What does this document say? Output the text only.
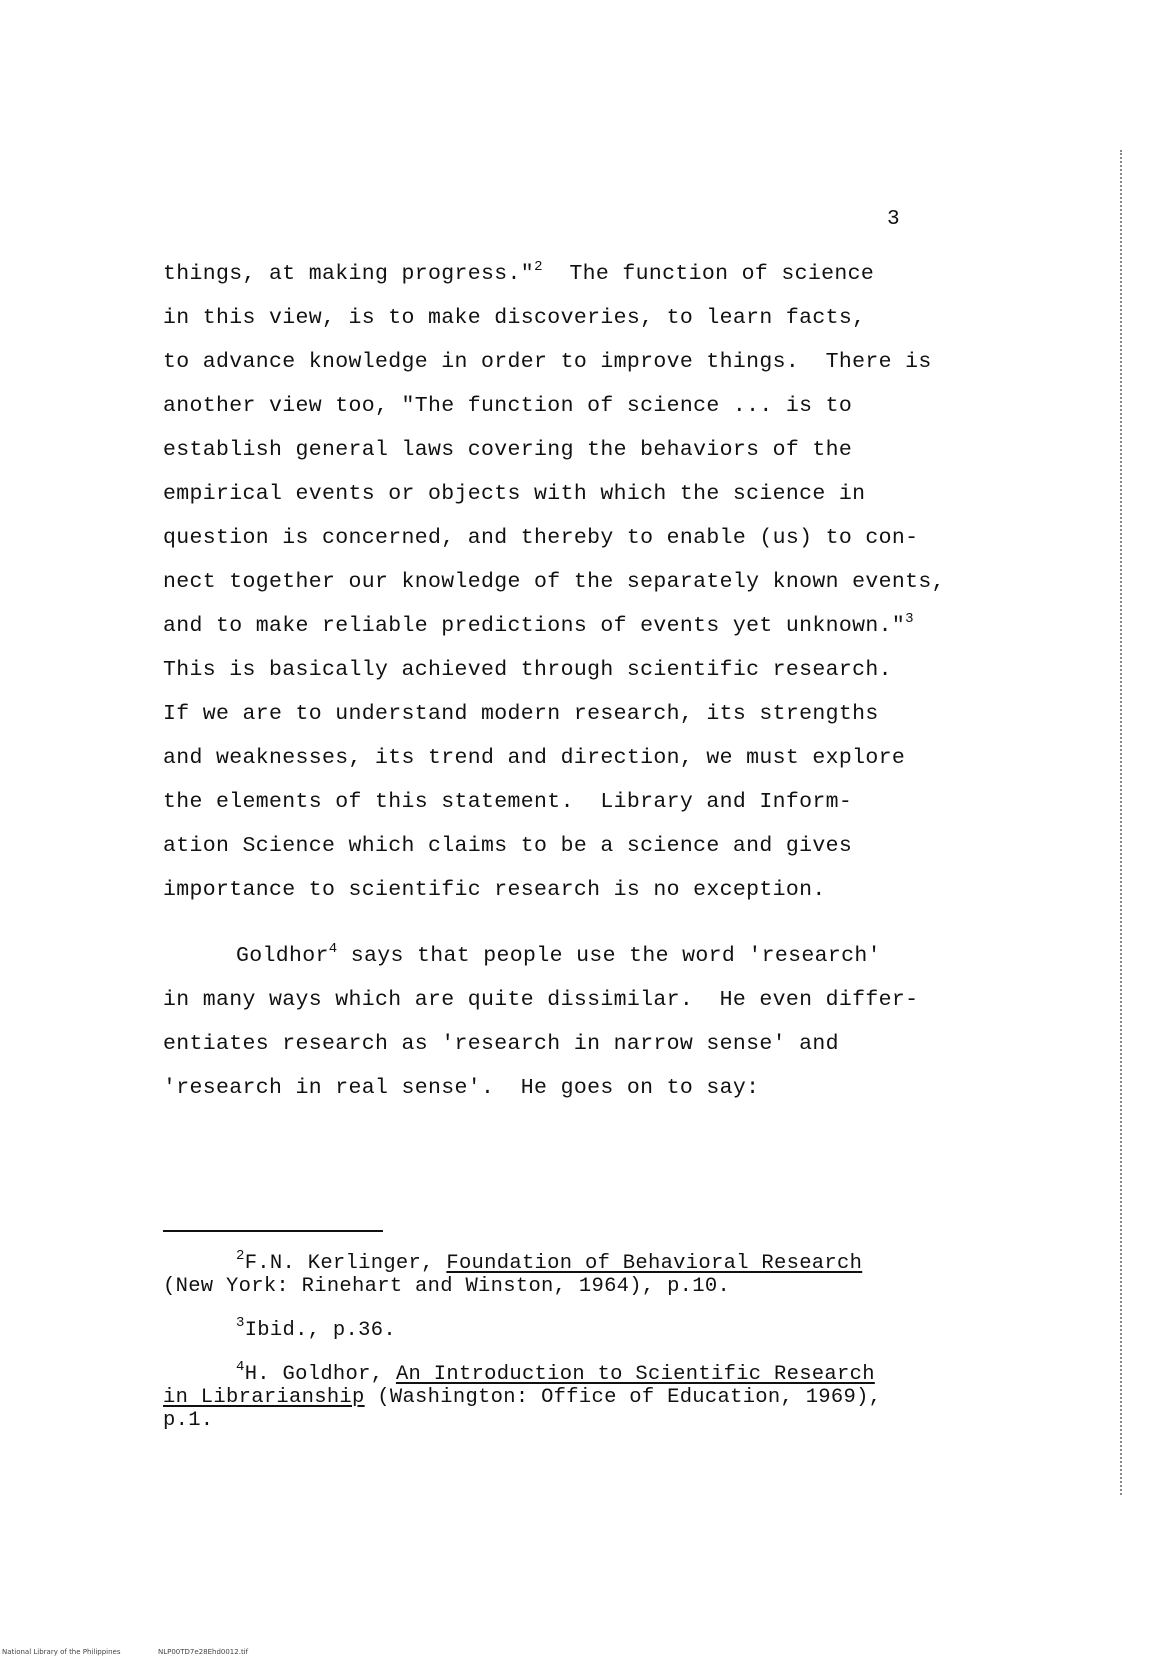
3
things, at making progress."$^2$  The function of science
in this view, is to make discoveries, to learn facts,
to advance knowledge in order to improve things.  There is
another view too, "The function of science ... is to
establish general laws covering the behaviors of the
empirical events or objects with which the science in
question is concerned, and thereby to enable (us) to con-
nect together our knowledge of the separately known events,
and to make reliable predictions of events yet unknown."$^3$
This is basically achieved through scientific research.
If we are to understand modern research, its strengths
and weaknesses, its trend and direction, we must explore
the elements of this statement.  Library and Inform-
ation Science which claims to be a science and gives
importance to scientific research is no exception.
Goldhor$^4$ says that people use the word 'research'
in many ways which are quite dissimilar.  He even differ-
entiates research as 'research in narrow sense' and
'research in real sense'.  He goes on to say:
$^2$F.N. Kerlinger, Foundation of Behavioral Research
(New York: Rinehart and Winston, 1964), p.10.
$^3$Ibid., p.36.
$^4$H. Goldhor, An Introduction to Scientific Research
in Librarianship (Washington: Office of Education, 1969),
p.1.
National Library of the Philippines	NLP00TD7e28Ehd0012.tif
